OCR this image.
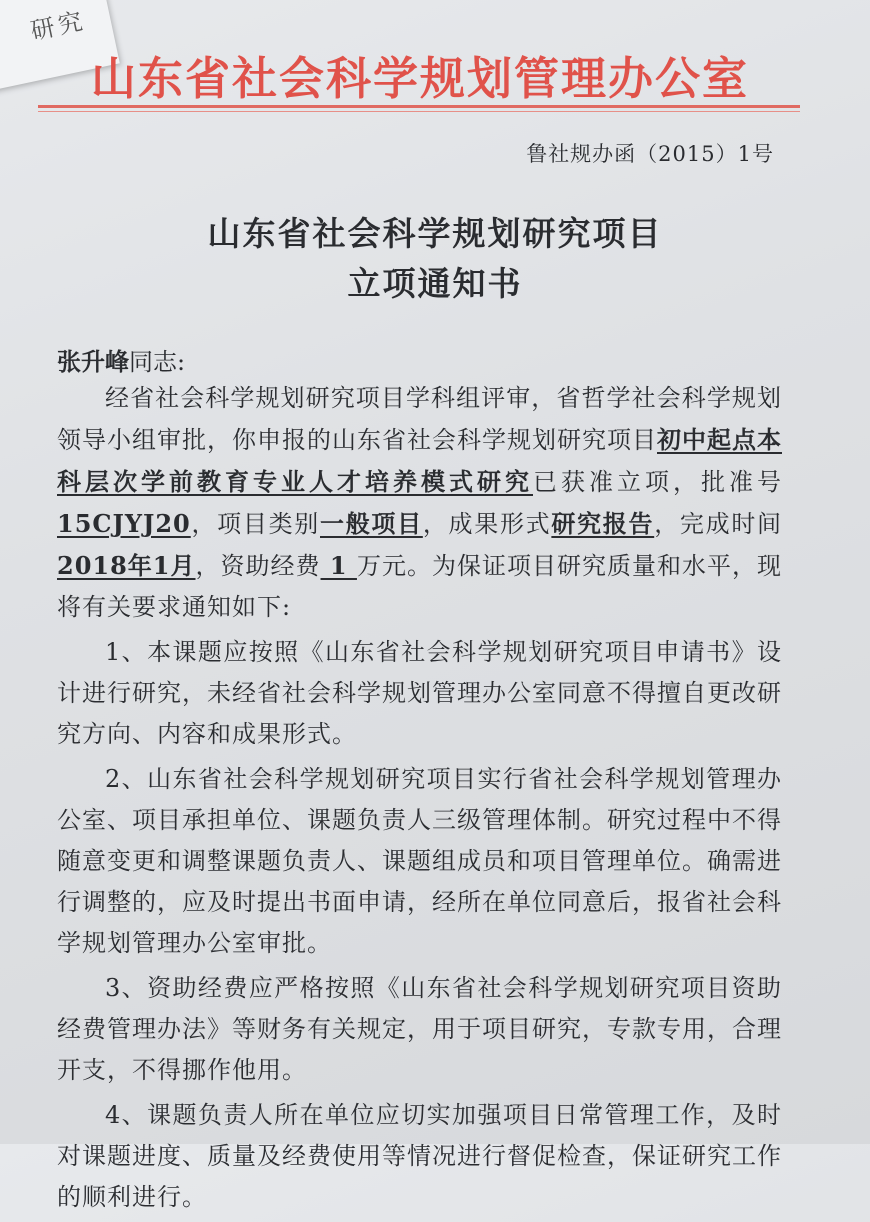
研究
山东省社会科学规划管理办公室
鲁社规办函（2015）1号
山东省社会科学规划研究项目
立项通知书
张升峰同志:

经省社会科学规划研究项目学科组评审，省哲学社会科学规划领导小组审批，你申报的山东省社会科学规划研究项目初中起点本科层次学前教育专业人才培养模式研究已获准立项，批准号15CJYJ20，项目类别一般项目，成果形式研究报告，完成时间2018年1月，资助经费 1 万元。为保证项目研究质量和水平，现将有关要求通知如下:

1、本课题应按照《山东省社会科学规划研究项目申请书》设计进行研究，未经省社会科学规划管理办公室同意不得擅自更改研究方向、内容和成果形式。

2、山东省社会科学规划研究项目实行省社会科学规划管理办公室、项目承担单位、课题负责人三级管理体制。研究过程中不得随意变更和调整课题负责人、课题组成员和项目管理单位。确需进行调整的，应及时提出书面申请，经所在单位同意后，报省社会科学规划管理办公室审批。

3、资助经费应严格按照《山东省社会科学规划研究项目资助经费管理办法》等财务有关规定，用于项目研究，专款专用，合理开支，不得挪作他用。

4、课题负责人所在单位应切实加强项目日常管理工作，及时对课题进度、质量及经费使用等情况进行督促检查，保证研究工作的顺利进行。
